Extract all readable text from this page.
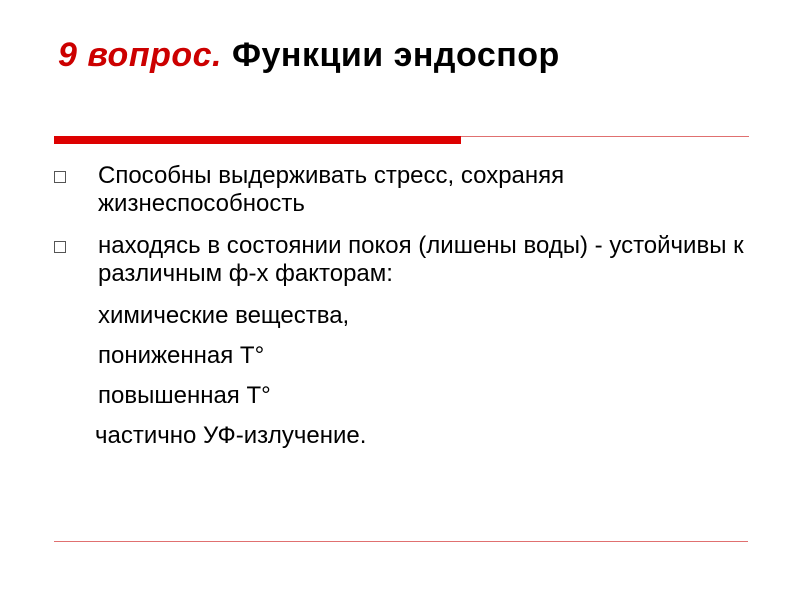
9 вопрос. Функции эндоспор
Способны выдерживать стресс, сохраняя жизнеспособность
находясь в состоянии покоя (лишены воды) - устойчивы к различным ф-х факторам:
химические вещества,
пониженная Т°
повышенная Т°
частично УФ-излучение.
